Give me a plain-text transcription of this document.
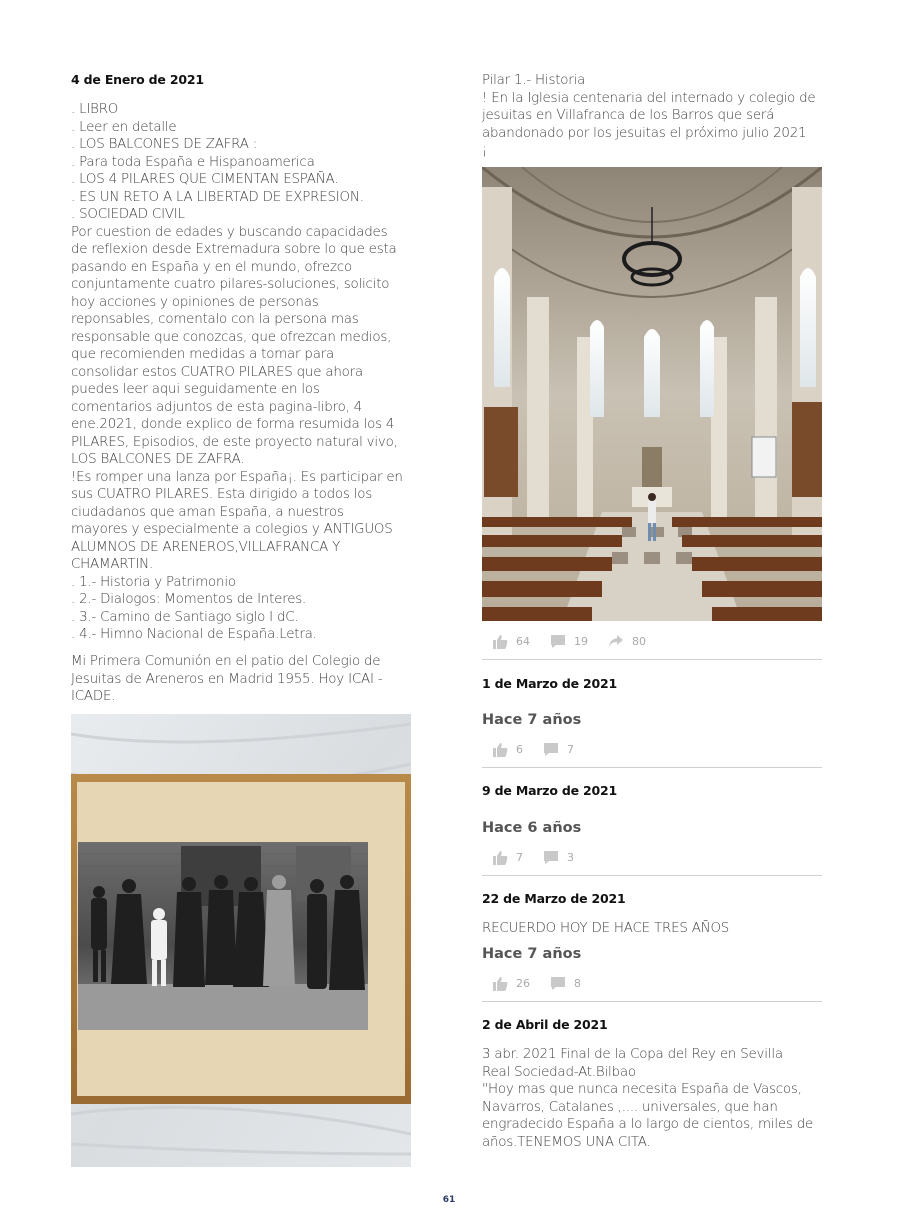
4 de Enero de 2021
. LIBRO
. Leer en detalle
. LOS BALCONES DE ZAFRA :
. Para toda España e Hispanoamerica
. LOS 4 PILARES QUE CIMENTAN ESPAÑA.
. ES UN RETO A LA LIBERTAD DE EXPRESION.
. SOCIEDAD CIVIL
Por cuestion de edades y buscando capacidades
de reflexion desde Extremadura sobre lo que esta
pasando en España y en el mundo, ofrezco
conjuntamente cuatro pilares-soluciones, solicito
hoy acciones y opiniones de personas
reponsables, comentalo con la persona mas
responsable que conozcas, que ofrezcan medios,
que recomienden medidas a tomar para
consolidar estos CUATRO PILARES que ahora
puedes leer aqui seguidamente en los
comentarios adjuntos de esta pagina-libro, 4
ene.2021, donde explico de forma resumida los 4
PILARES, Episodios, de este proyecto natural vivo,
LOS BALCONES DE ZAFRA.
!Es romper una lanza por España¡. Es participar en
sus CUATRO PILARES. Esta dirigido a todos los
ciudadanos que aman España, a nuestros
mayores y especialmente a colegios y ANTIGUOS
ALUMNOS DE ARENEROS,VILLAFRANCA Y
CHAMARTIN.
. 1.- Historia y Patrimonio
. 2.- Dialogos: Momentos de Interes.
. 3.- Camino de Santiago siglo I dC.
. 4.- Himno Nacional de España.Letra.
Mi Primera Comunión en el patio del Colegio de
Jesuitas de Areneros en Madrid 1955. Hoy ICAI -
ICADE.
Pilar 1.- Historia
! En la Iglesia centenaria del internado y colegio de
jesuitas en Villafranca de los Barros que será
abandonado por los jesuitas el próximo julio 2021
¡
64	19	80
1 de Marzo de 2021
Hace 7 años
6	7
9 de Marzo de 2021
Hace 6 años
7	3
22 de Marzo de 2021
RECUERDO HOY DE HACE TRES AÑOS
Hace 7 años
26	8
2 de Abril de 2021
3 abr. 2021 Final de la Copa del Rey en Sevilla
Real Sociedad-At.Bilbao
"Hoy mas que nunca necesita España de Vascos,
Navarros, Catalanes ,.... universales, que han
engradecido España a lo largo de cientos, miles de
años.TENEMOS UNA CITA.
61
